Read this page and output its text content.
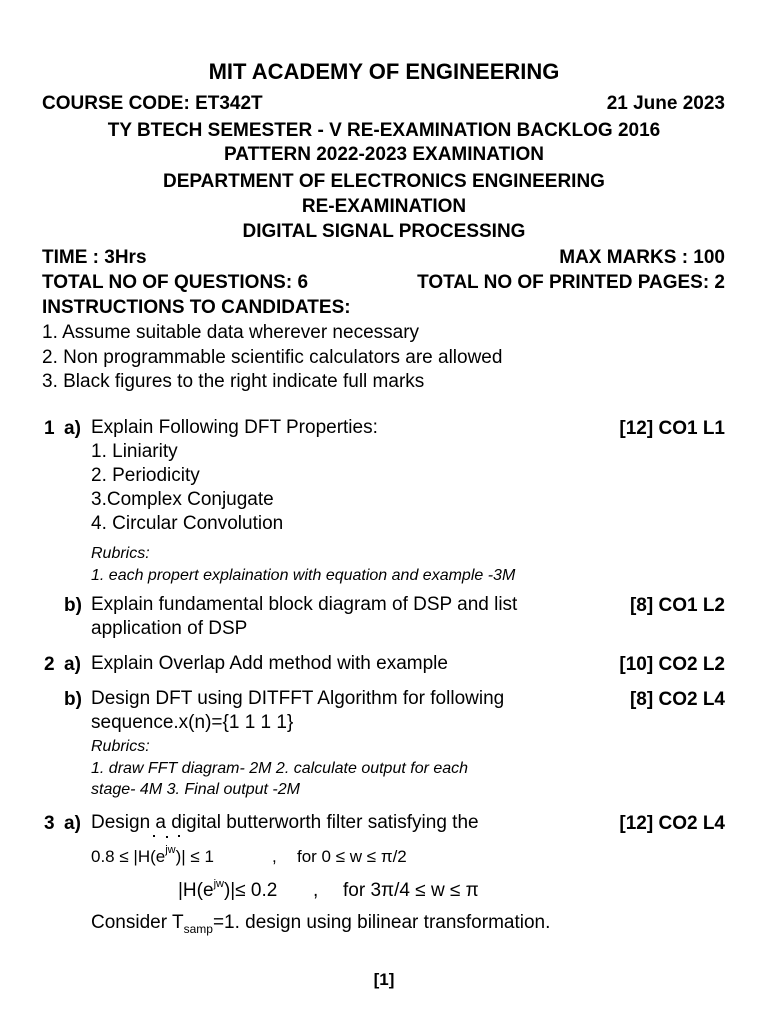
MIT ACADEMY OF ENGINEERING
COURSE CODE: ET342T	21 June 2023
TY BTECH SEMESTER - V RE-EXAMINATION BACKLOG 2016
PATTERN 2022-2023 EXAMINATION
DEPARTMENT OF ELECTRONICS ENGINEERING
RE-EXAMINATION
DIGITAL SIGNAL PROCESSING
TIME : 3Hrs	MAX MARKS : 100
TOTAL NO OF QUESTIONS: 6	TOTAL NO OF PRINTED PAGES: 2
INSTRUCTIONS TO CANDIDATES:
1. Assume suitable data wherever necessary
2. Non programmable scientific calculators are allowed
3. Black figures to the right indicate full marks
1 a) Explain Following DFT Properties:	[12] CO1 L1
1. Liniarity
2. Periodicity
3.Complex Conjugate
4. Circular Convolution
Rubrics:
1. each propert explaination with equation and example -3M
b) Explain fundamental block diagram of DSP and list
application of DSP
[8] CO1 L2
2 a) Explain Overlap Add method with example	[10] CO2 L2
b) Design DFT using DITFFT Algorithm for following
sequence.x(n)={1 1 1 1}
[8] CO2 L4
Rubrics:
1. draw FFT diagram- 2M 2. calculate output for each
stage- 4M 3. Final output -2M
3 a) Design a digital butterworth filter satisfying the	[12] CO2 L4
$0.8 \le |H(e^{jw})| \le 1$	, for 0 ≤ w ≤ π/2
$|H(e^{jw})|\le 0.2$ , for 3π/4 ≤ w ≤ π
Consider $T_{samp}=1$. design using bilinear transformation.
[1]
